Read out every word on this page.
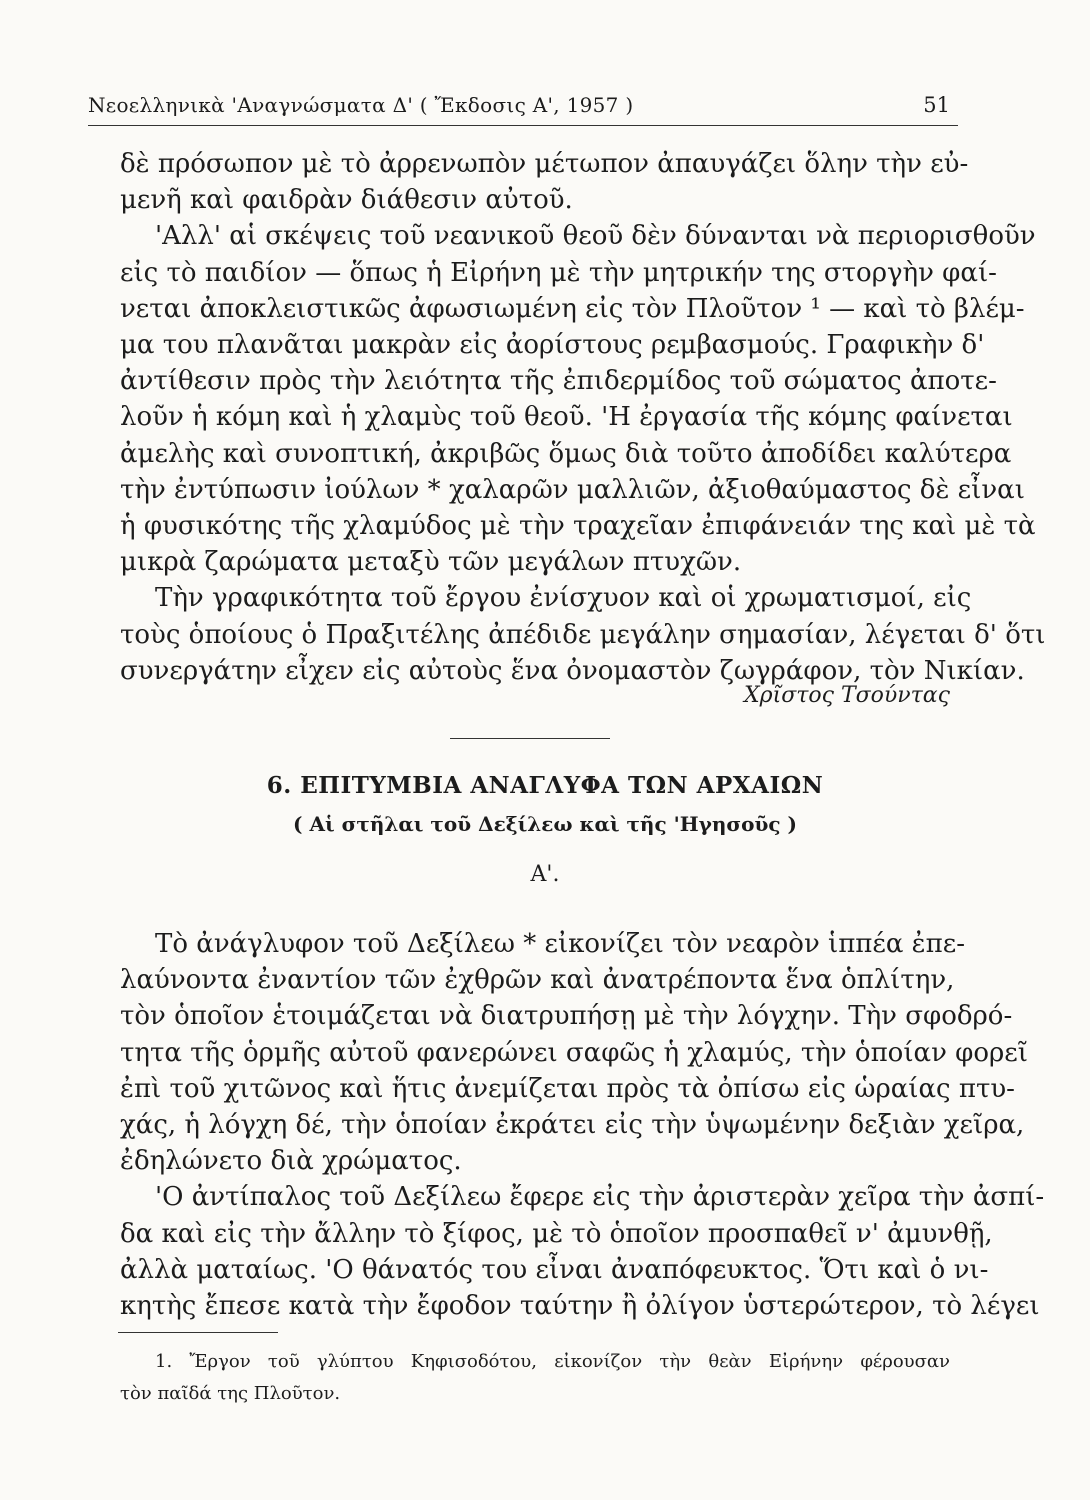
Νεοελληνικὰ 'Αναγνώσματα Δ' ( Ἔκδοσις Α', 1957 )	51
δὲ πρόσωπον μὲ τὸ ἀρρενωπὸν μέτωπον ἀπαυγάζει ὅλην τὴν εὐ-
μενῆ καὶ φαιδρὰν διάθεσιν αὐτοῦ.
'Αλλ' αἱ σκέψεις τοῦ νεανικοῦ θεοῦ δὲν δύνανται νὰ περιορισθοῦν
εἰς τὸ παιδίον — ὅπως ἡ Εἰρήνη μὲ τὴν μητρικήν της στοργὴν φαί-
νεται ἀποκλειστικῶς ἀφωσιωμένη εἰς τὸν Πλοῦτον ¹ — καὶ τὸ βλέμ-
μα του πλανᾶται μακρὰν εἰς ἀορίστους ρεμβασμούς. Γραφικὴν δ'
ἀντίθεσιν πρὸς τὴν λειότητα τῆς ἐπιδερμίδος τοῦ σώματος ἀποτε-
λοῦν ἡ κόμη καὶ ἡ χλαμὺς τοῦ θεοῦ. 'Η ἐργασία τῆς κόμης φαίνεται
ἀμελὴς καὶ συνοπτική, ἀκριβῶς ὅμως διὰ τοῦτο ἀποδίδει καλύτερα
τὴν ἐντύπωσιν ἰούλων * χαλαρῶν μαλλιῶν, ἀξιοθαύμαστος δὲ εἶναι
ἡ φυσικότης τῆς χλαμύδος μὲ τὴν τραχεῖαν ἐπιφάνειάν της καὶ μὲ τὰ
μικρὰ ζαρώματα μεταξὺ τῶν μεγάλων πτυχῶν.
Τὴν γραφικότητα τοῦ ἔργου ἐνίσχυον καὶ οἱ χρωματισμοί, εἰς
τοὺς ὁποίους ὁ Πραξιτέλης ἀπέδιδε μεγάλην σημασίαν, λέγεται δ' ὅτι
συνεργάτην εἶχεν εἰς αὐτοὺς ἕνα ὀνομαστὸν ζωγράφον, τὸν Νικίαν.
Χρῖστος Τσούντας
6. ΕΠΙΤΥΜΒΙΑ ΑΝΑΓΛΥΦΑ ΤΩΝ ΑΡΧΑΙΩΝ
( Αἱ στῆλαι τοῦ Δεξίλεω καὶ τῆς 'Ηγησοῦς )
Α'.
Τὸ ἀνάγλυφον τοῦ Δεξίλεω * εἰκονίζει τὸν νεαρὸν ἱππέα ἐπε-
λαύνοντα ἐναντίον τῶν ἐχθρῶν καὶ ἀνατρέποντα ἕνα ὁπλίτην,
τὸν ὁποῖον ἑτοιμάζεται νὰ διατρυπήσῃ μὲ τὴν λόγχην. Τὴν σφοδρό-
τητα τῆς ὁρμῆς αὐτοῦ φανερώνει σαφῶς ἡ χλαμύς, τὴν ὁποίαν φορεῖ
ἐπὶ τοῦ χιτῶνος καὶ ἥτις ἀνεμίζεται πρὸς τὰ ὀπίσω εἰς ὡραίας πτυ-
χάς, ἡ λόγχη δέ, τὴν ὁποίαν ἐκράτει εἰς τὴν ὑψωμένην δεξιὰν χεῖρα,
ἐδηλώνετο διὰ χρώματος.
'Ο ἀντίπαλος τοῦ Δεξίλεω ἔφερε εἰς τὴν ἀριστερὰν χεῖρα τὴν ἀσπί-
δα καὶ εἰς τὴν ἄλλην τὸ ξίφος, μὲ τὸ ὁποῖον προσπαθεῖ ν' ἀμυνθῇ,
ἀλλὰ ματαίως. 'Ο θάνατός του εἶναι ἀναπόφευκτος. Ὅτι καὶ ὁ νι-
κητὴς ἔπεσε κατὰ τὴν ἔφοδον ταύτην ἢ ὀλίγον ὑστερώτερον, τὸ λέγει
1. Ἔργον τοῦ γλύπτου Κηφισοδότου, εἰκονίζον τὴν θεὰν Εἰρήνην φέρουσαν
τὸν παῖδά της Πλοῦτον.
